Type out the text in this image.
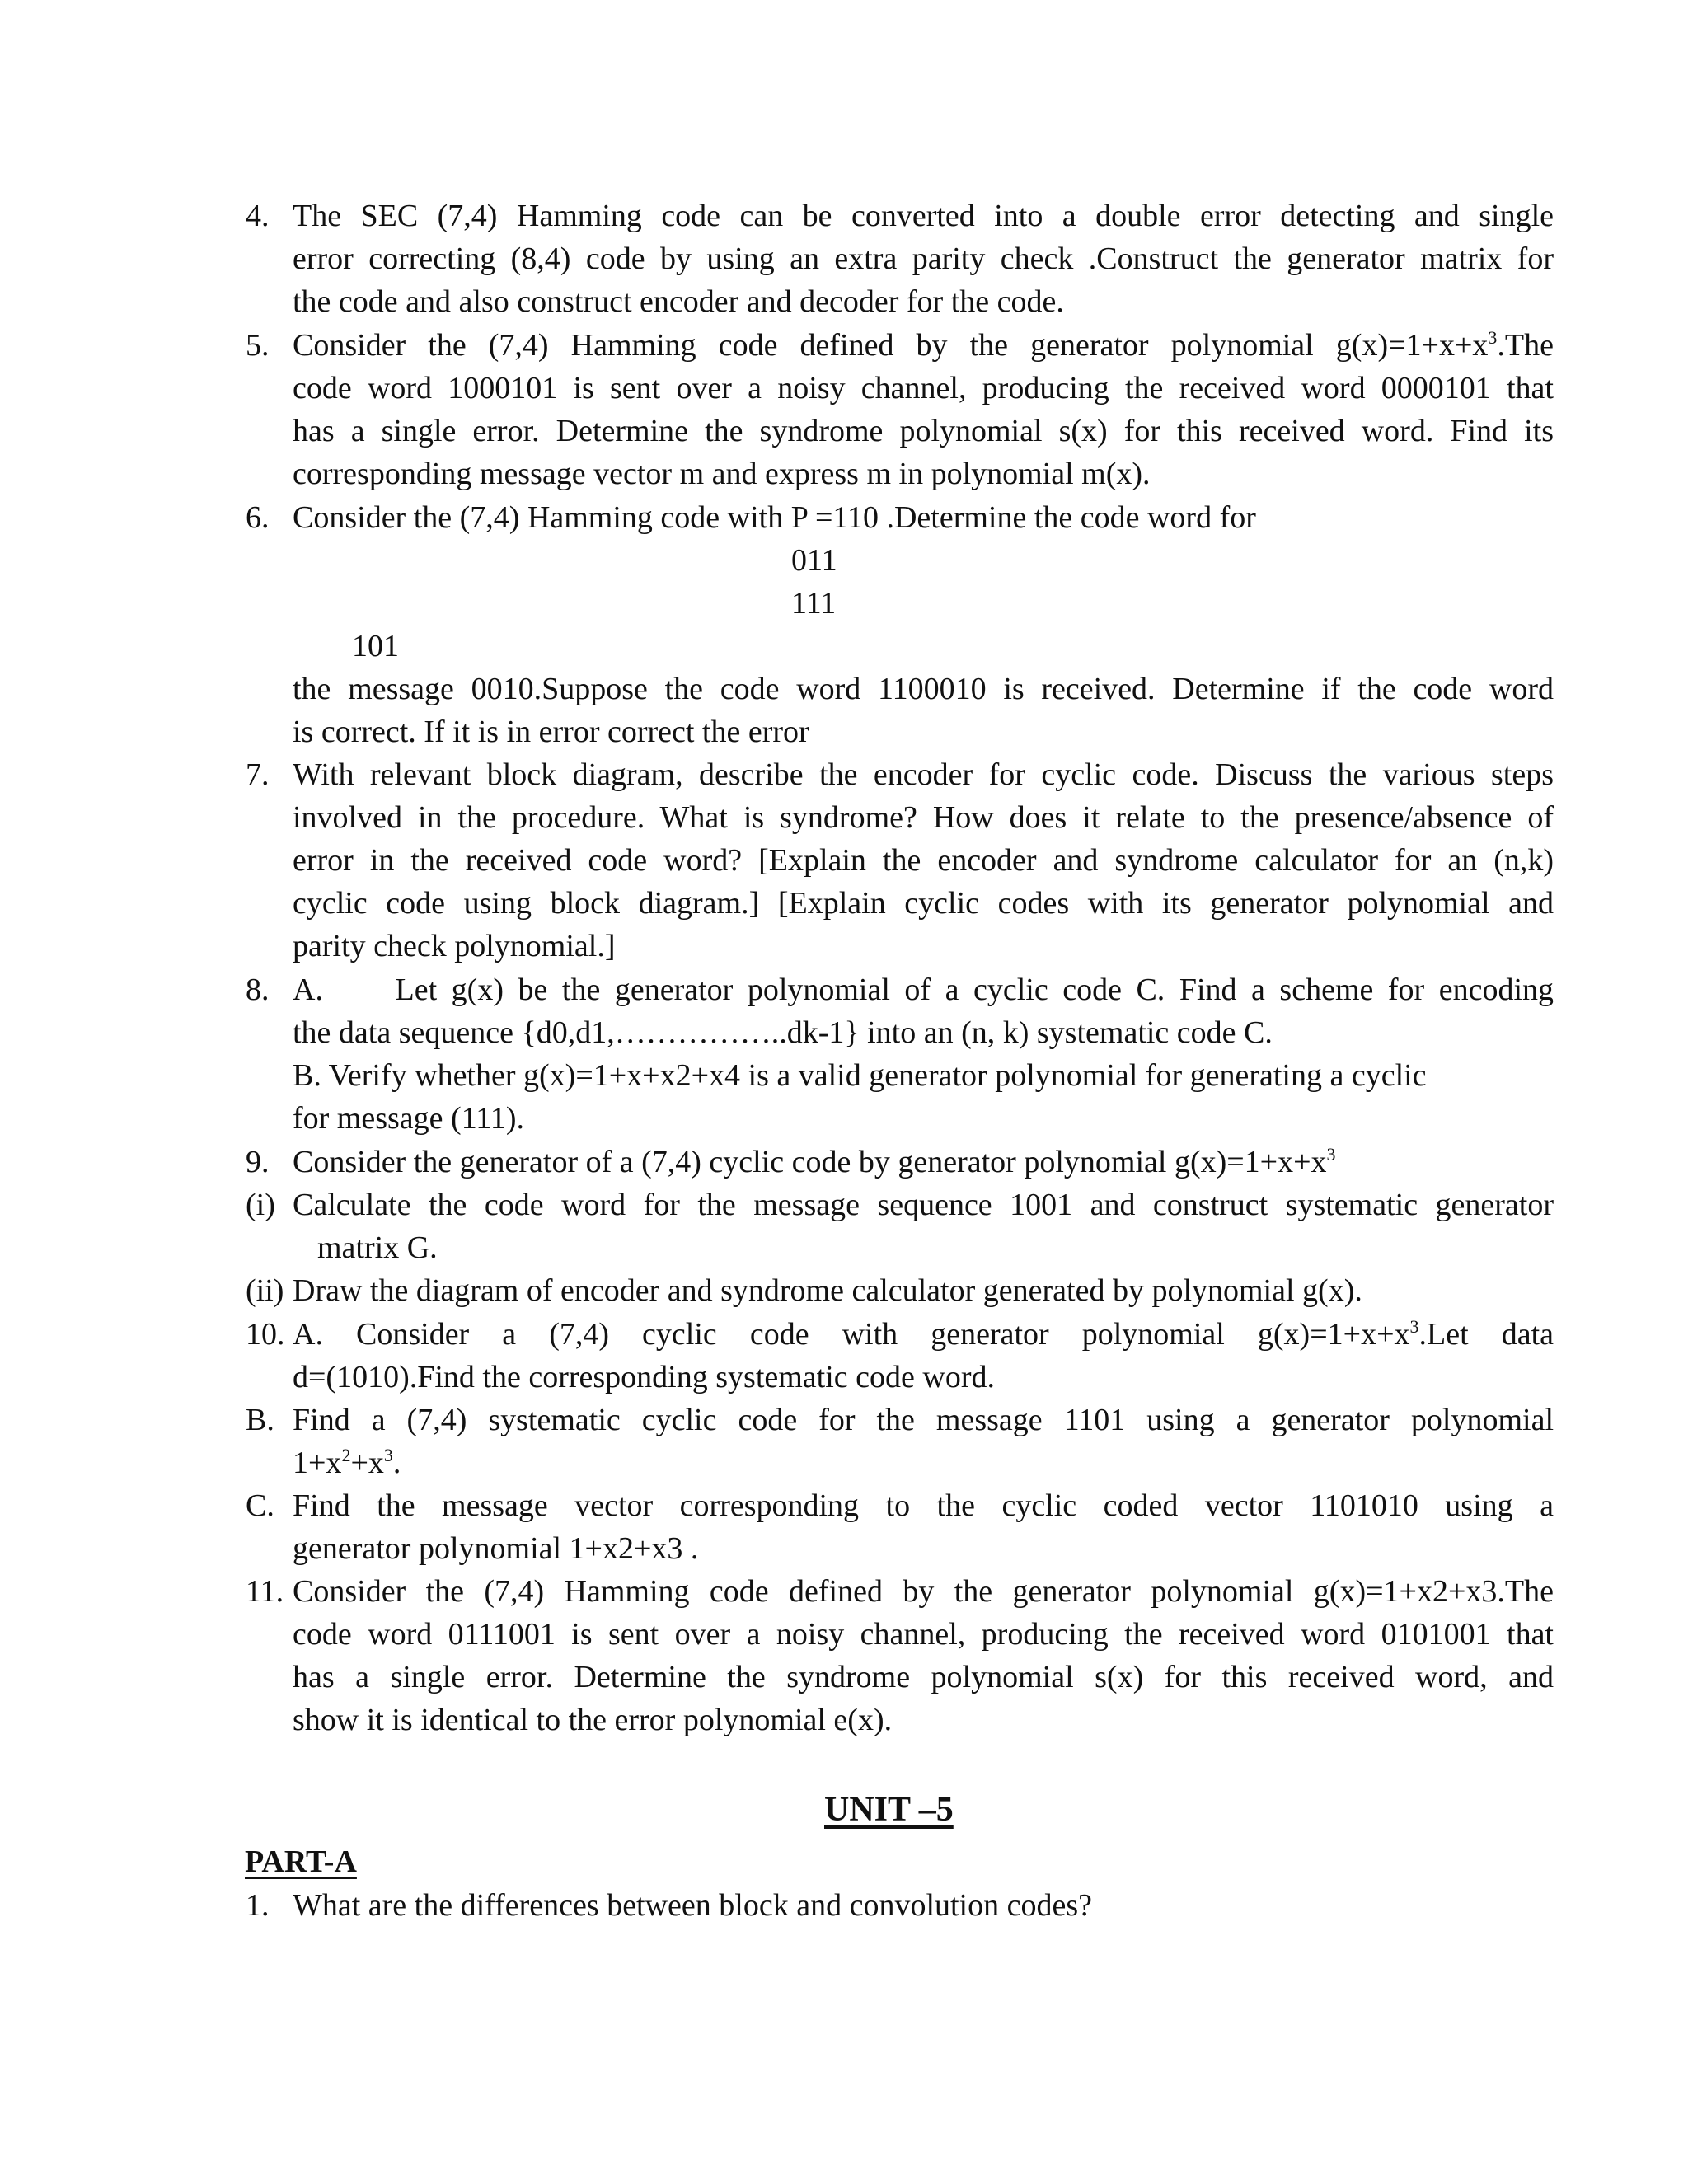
4. The SEC (7,4) Hamming code can be converted into a double error detecting and single
error correcting (8,4) code by using an extra parity check .Construct the generator matrix for
the code and also construct encoder and decoder for the code.
5. Consider the (7,4) Hamming code defined by the generator polynomial $g(x)=1+x+x^3.The$
code word 1000101 is sent over a noisy channel, producing the received word 0000101 that
has a single error. Determine the syndrome polynomial s(x) for this received word. Find its
corresponding message vector m and express m in polynomial m(x).
6. Consider the (7,4) Hamming code with P =110 .Determine the code word for
011
111
101
the message 0010.Suppose the code word 1100010 is received. Determine if the code word
is correct. If it is in error correct the error
7. With relevant block diagram, describe the encoder for cyclic code. Discuss the various steps
involved in the procedure. What is syndrome? How does it relate to the presence/absence of
error in the received code word? [Explain the encoder and syndrome calculator for an (n,k)
cyclic code using block diagram.] [Explain cyclic codes with its generator polynomial and
parity check polynomial.]
8. A.     Let g(x) be the generator polynomial of a cyclic code C. Find a scheme for encoding
the data sequence {d0,d1,……………..dk-1} into an (n, k) systematic code C.
B. Verify whether g(x)=1+x+x2+x4 is a valid generator polynomial for generating a cyclic
for message (111).
9. Consider the generator of a (7,4) cyclic code by generator polynomial $g(x)=1+x+x^3$
(i) Calculate the code word for the message sequence 1001 and construct systematic generator
matrix G.
(ii) Draw the diagram of encoder and syndrome calculator generated by polynomial g(x).
10. A.   Consider   a   (7,4)   cyclic   code   with   generator   polynomial   $g(x)=1+x+x^3.Let$   data
d=(1010).Find the corresponding systematic code word.
B. Find a (7,4) systematic cyclic code for the message 1101 using a generator polynomial
$1+x^2+x^3$.
C. Find the message vector corresponding to the cyclic coded vector 1101010 using a
generator polynomial 1+x2+x3 .
11. Consider the (7,4) Hamming code defined by the generator polynomial g(x)=1+x2+x3.The
code word 0111001 is sent over a noisy channel, producing the received word 0101001 that
has a single error. Determine the syndrome polynomial s(x) for this received word, and
show it is identical to the error polynomial e(x).
UNIT –5
PART-A
1. What are the differences between block and convolution codes?
